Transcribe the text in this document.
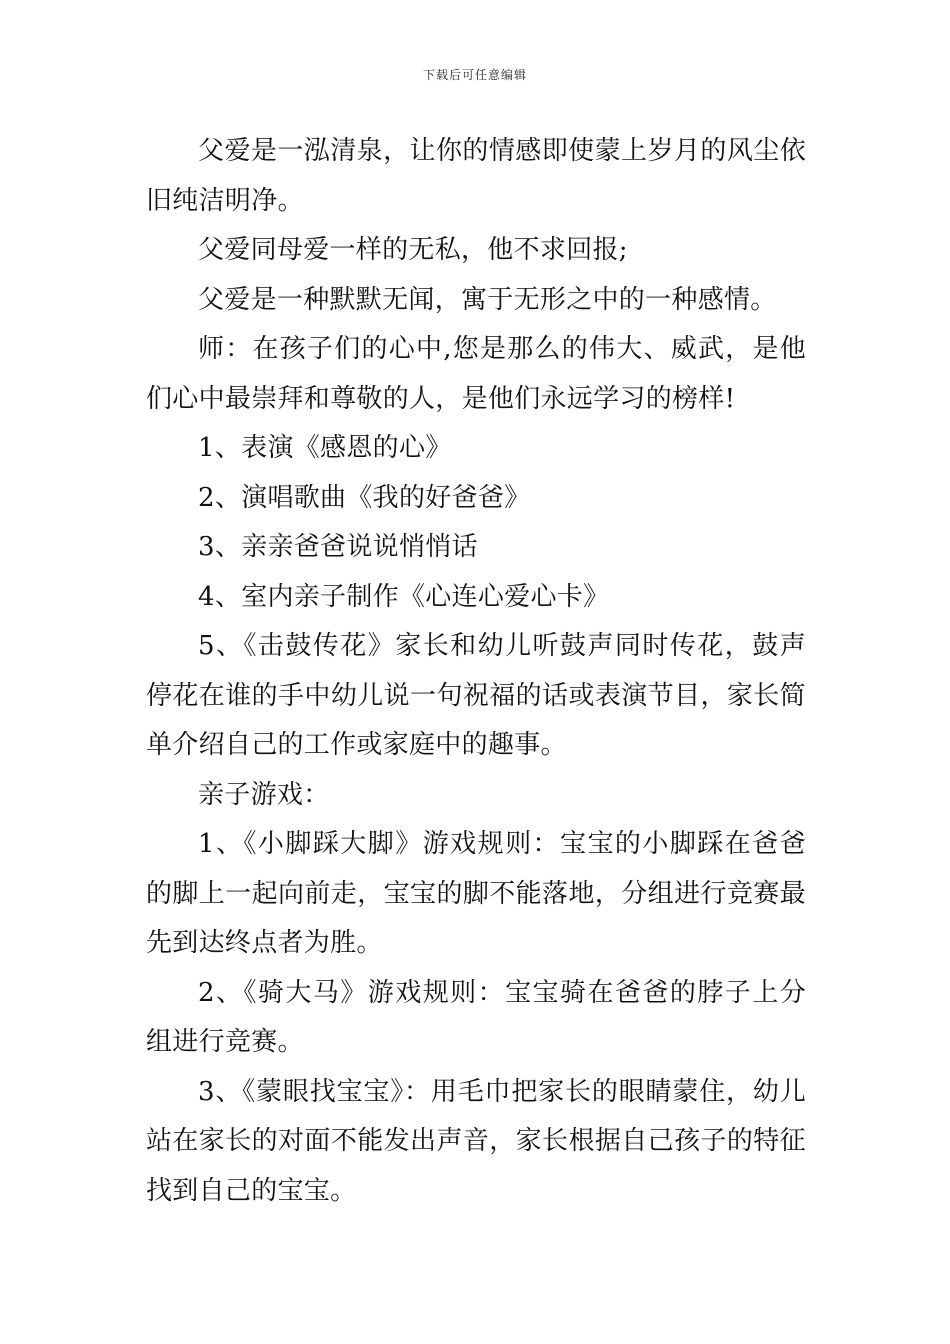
下载后可任意编辑

父爱是一泓清泉，让你的情感即使蒙上岁月的风尘依旧纯洁明净。

父爱同母爱一样的无私，他不求回报;

父爱是一种默默无闻，寓于无形之中的一种感情。

师：在孩子们的心中,您是那么的伟大、威武，是他们心中最崇拜和尊敬的人，是他们永远学习的榜样!

1、表演《感恩的心》

2、演唱歌曲《我的好爸爸》

3、亲亲爸爸说说悄悄话

4、室内亲子制作《心连心爱心卡》

5、《击鼓传花》家长和幼儿听鼓声同时传花，鼓声停花在谁的手中幼儿说一句祝福的话或表演节目，家长简单介绍自己的工作或家庭中的趣事。

亲子游戏：

1、《小脚踩大脚》游戏规则：宝宝的小脚踩在爸爸的脚上一起向前走，宝宝的脚不能落地，分组进行竞赛最先到达终点者为胜。

2、《骑大马》游戏规则：宝宝骑在爸爸的脖子上分组进行竞赛。

3、《蒙眼找宝宝》：用毛巾把家长的眼睛蒙住，幼儿站在家长的对面不能发出声音，家长根据自己孩子的特征找到自己的宝宝。
